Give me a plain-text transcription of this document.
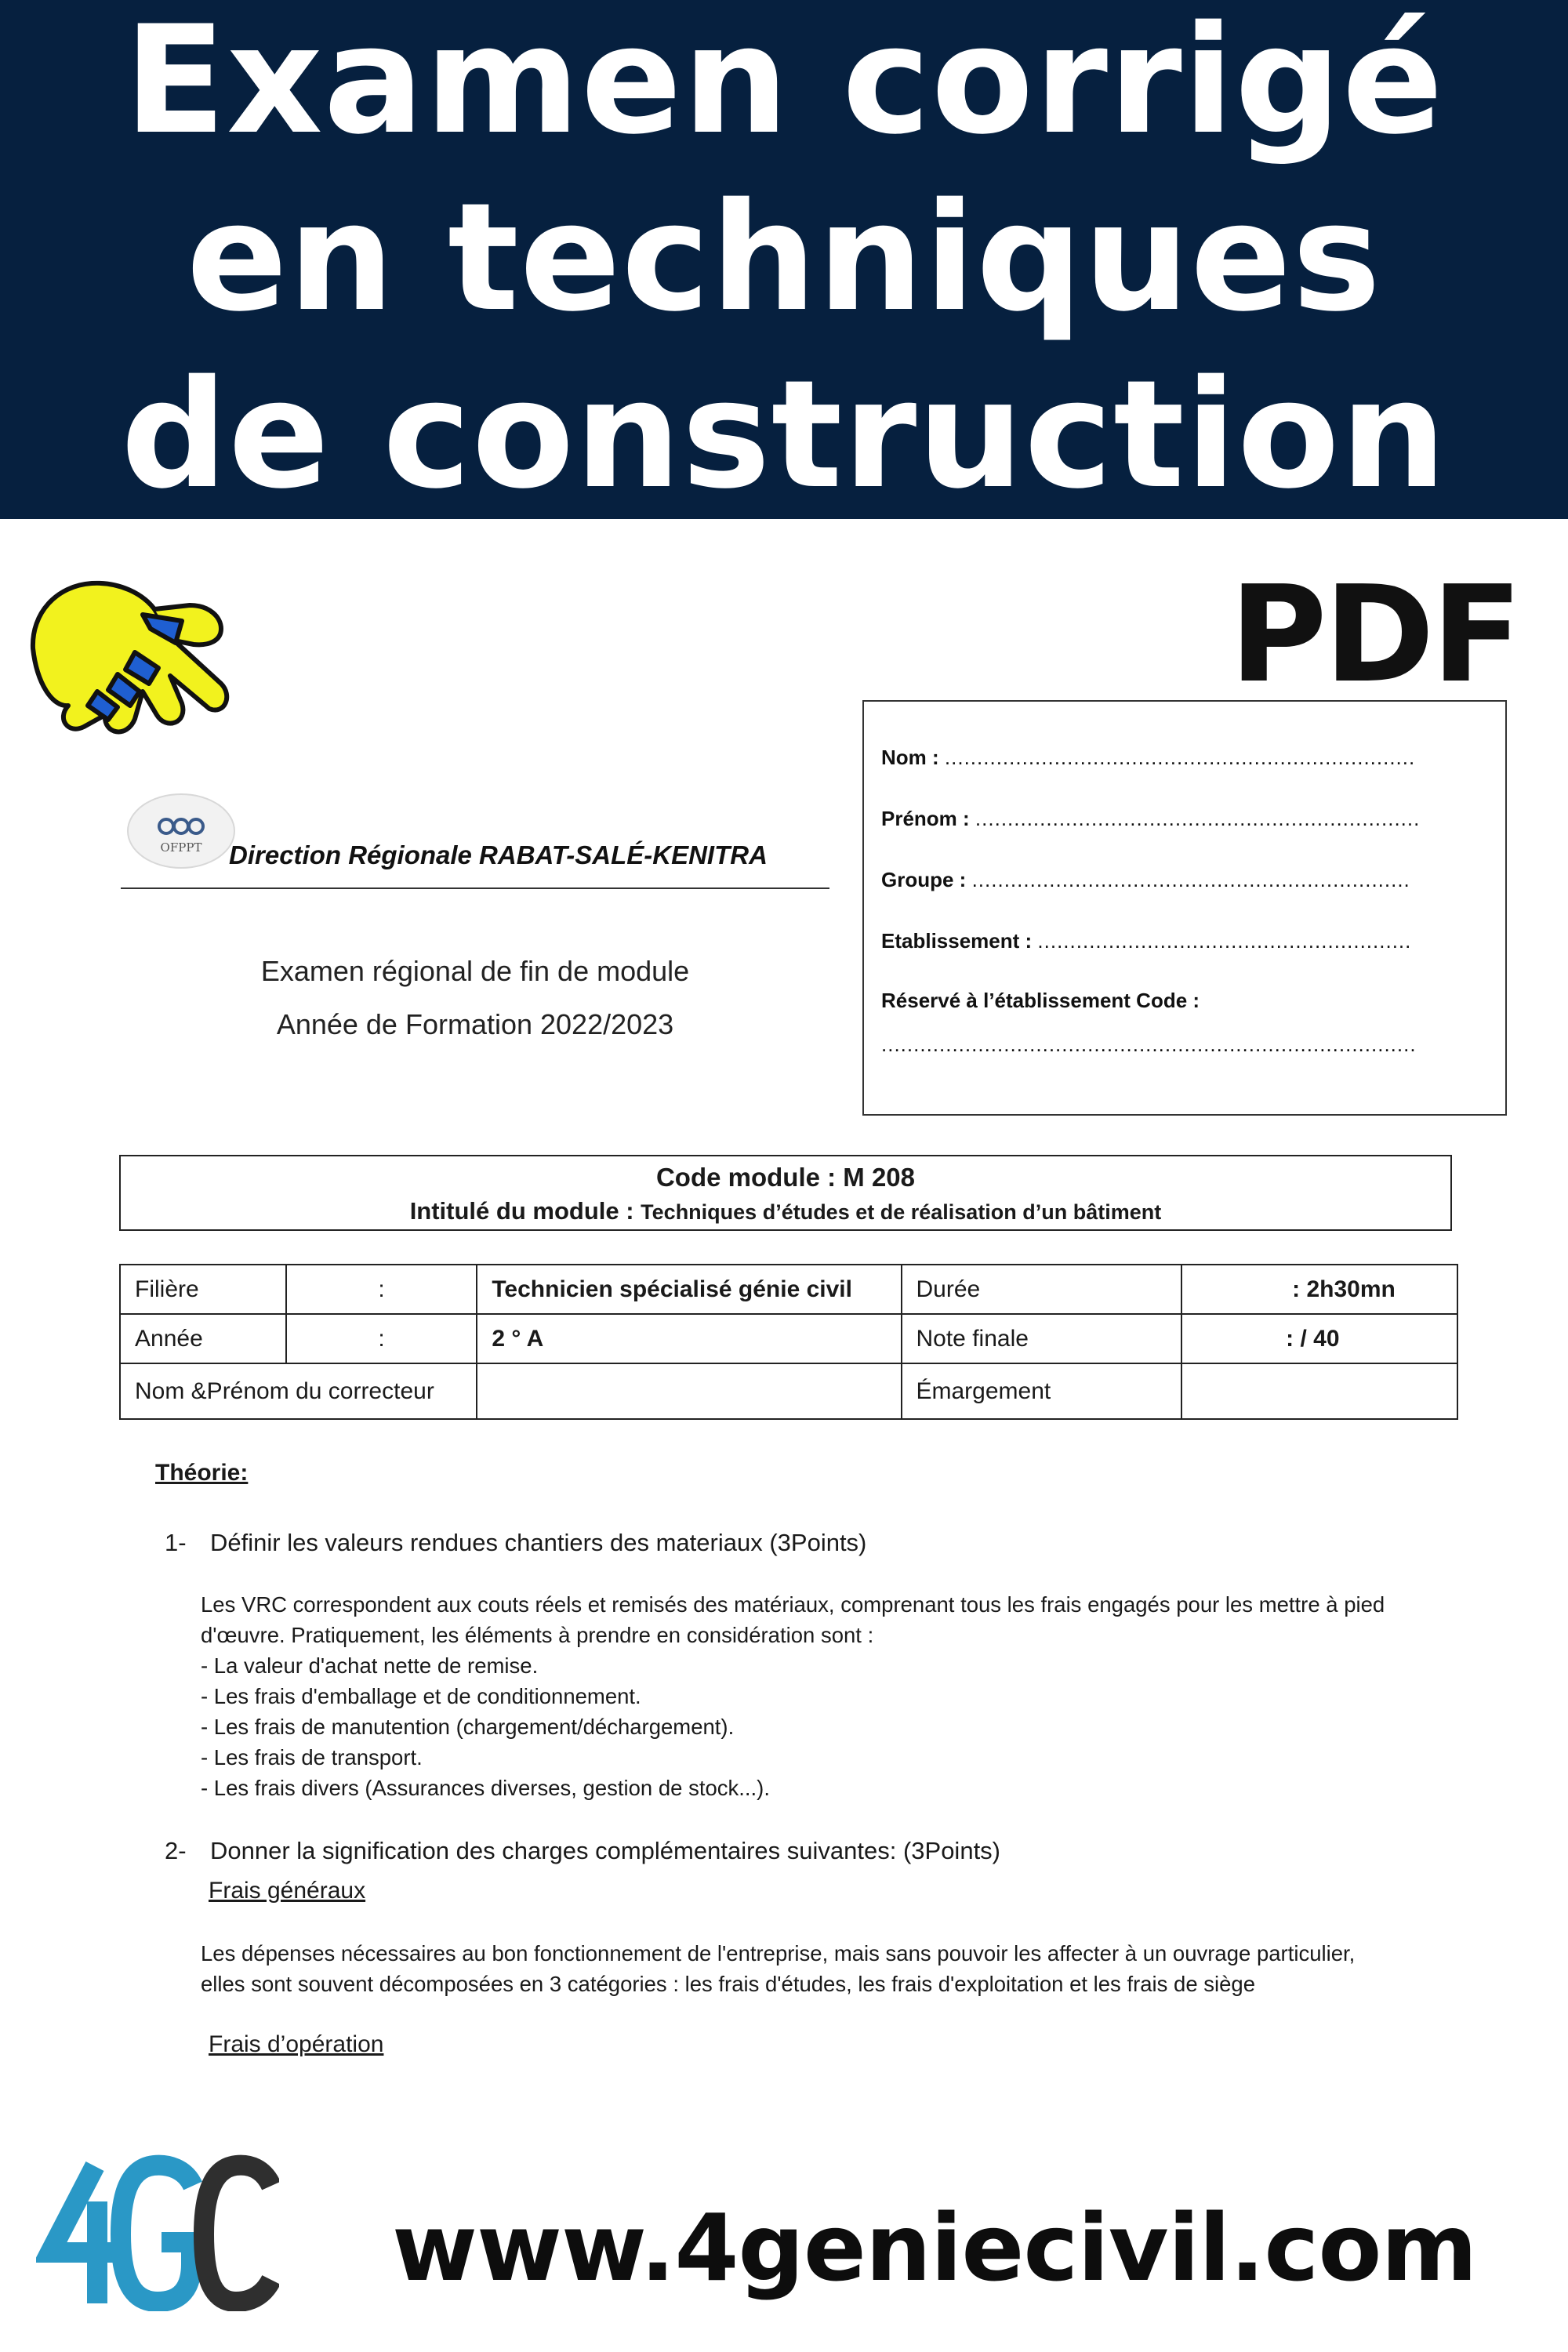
Examen corrigé
en techniques
de construction
PDF
OFPPT	Direction Régionale RABAT-SALÉ-KENITRA
Examen régional de fin de module
Année de Formation 2022/2023
Nom : .........................................................................
Prénom : .....................................................................
Groupe : ....................................................................
Etablissement : ..........................................................
Réservé à l’établissement Code :
...................................................................................
Code module : M 208
Intitulé du module : Techniques d’études et de réalisation d’un bâtiment
Filière	:	Technicien spécialisé génie civil	Durée	: 2h30mn
Année	:	2 ° A	Note finale	: / 40
Nom &Prénom du correcteur			Émargement	
Théorie:
1- Définir les valeurs rendues chantiers des materiaux (3Points)
Les VRC correspondent aux couts réels et remisés des matériaux, comprenant tous les frais engagés pour les mettre à pied
d'œuvre. Pratiquement, les éléments à prendre en considération sont :
- La valeur d'achat nette de remise.
- Les frais d'emballage et de conditionnement.
- Les frais de manutention (chargement/déchargement).
- Les frais de transport.
- Les frais divers (Assurances diverses, gestion de stock...).
2- Donner la signification des charges complémentaires suivantes: (3Points)
Frais généraux
Les dépenses nécessaires au bon fonctionnement de l'entreprise, mais sans pouvoir les affecter à un ouvrage particulier,
elles sont souvent décomposées en 3 catégories : les frais d'études, les frais d'exploitation et les frais de siège
Frais d’opération
www.4geniecivil.com
